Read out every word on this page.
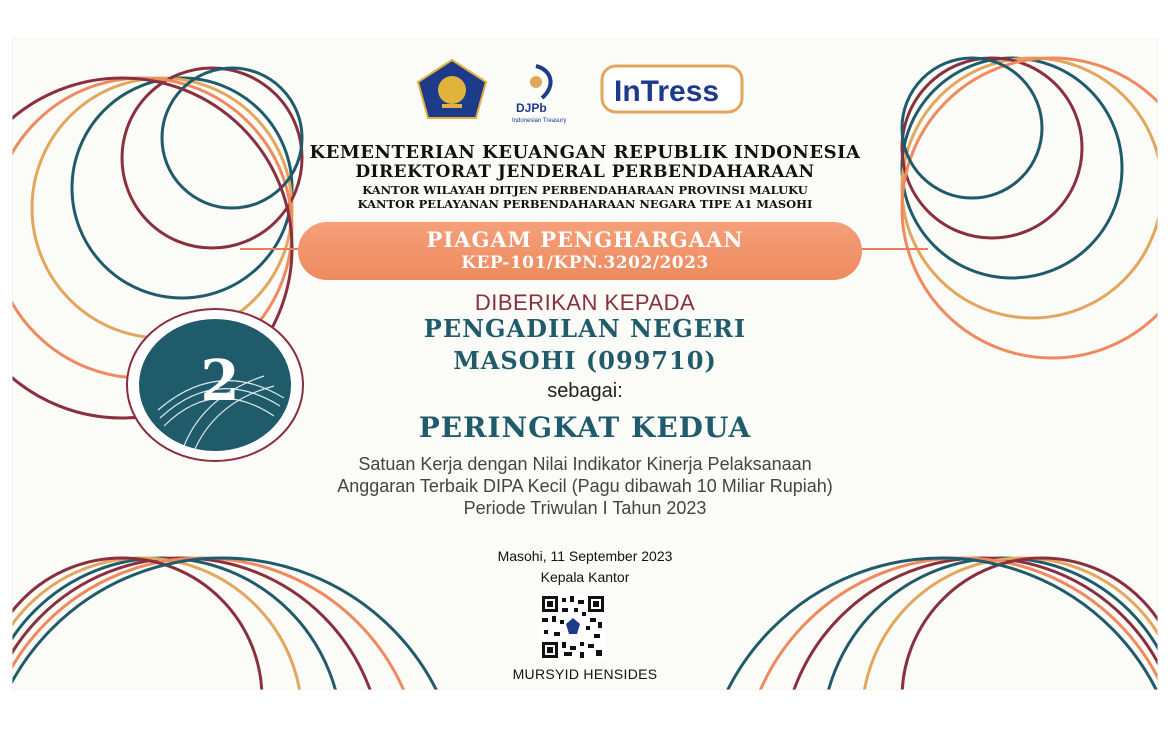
DJPb
Indonesian Treasury
InTress
KEMENTERIAN KEUANGAN REPUBLIK INDONESIA
DIREKTORAT JENDERAL PERBENDAHARAAN
KANTOR WILAYAH DITJEN PERBENDAHARAAN PROVINSI MALUKU
KANTOR PELAYANAN PERBENDAHARAAN NEGARA TIPE A1 MASOHI
PIAGAM PENGHARGAAN
KEP-101/KPN.3202/2023
2
DIBERIKAN KEPADA
PENGADILAN NEGERI
MASOHI (099710)
sebagai:
PERINGKAT KEDUA
Satuan Kerja dengan Nilai Indikator Kinerja Pelaksanaan
Anggaran Terbaik DIPA Kecil (Pagu dibawah 10 Miliar Rupiah)
Periode Triwulan I Tahun 2023
Masohi, 11 September 2023
Kepala Kantor
MURSYID HENSIDES
